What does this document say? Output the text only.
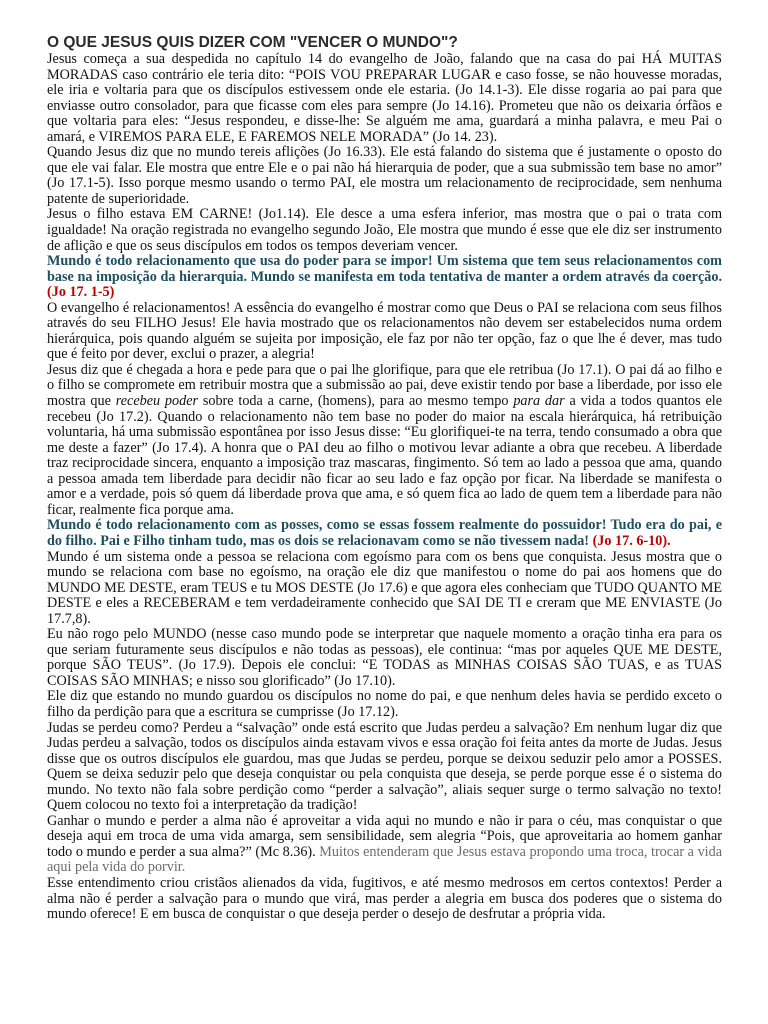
O QUE JESUS QUIS DIZER COM "VENCER O MUNDO"?

Jesus começa a sua despedida no capítulo 14 do evangelho de João, falando que na casa do pai HÁ MUITAS MORADAS caso contrário ele teria dito: “POIS VOU PREPARAR LUGAR e caso fosse, se não houvesse moradas, ele iria e voltaria para que os discípulos estivessem onde ele estaria. (Jo 14.1-3). Ele disse rogaria ao pai para que enviasse outro consolador, para que ficasse com eles para sempre (Jo 14.16). Prometeu que não os deixaria órfãos e que voltaria para eles: “Jesus respondeu, e disse-lhe: Se alguém me ama, guardará a minha palavra, e meu Pai o amará, e VIREMOS PARA ELE, E FAREMOS NELE MORADA” (Jo 14. 23).

Quando Jesus diz que no mundo tereis aflições (Jo 16.33). Ele está falando do sistema que é justamente o oposto do que ele vai falar. Ele mostra que entre Ele e o pai não há hierarquia de poder, que a sua submissão tem base no amor” (Jo 17.1-5). Isso porque mesmo usando o termo PAI, ele mostra um relacionamento de reciprocidade, sem nenhuma patente de superioridade.

Jesus o filho estava EM CARNE! (Jo1.14). Ele desce a uma esfera inferior, mas mostra que o pai o trata com igualdade! Na oração registrada no evangelho segundo João, Ele mostra que mundo é esse que ele diz ser instrumento de aflição e que os seus discípulos em todos os tempos deveriam vencer.

Mundo é todo relacionamento que usa do poder para se impor! Um sistema que tem seus relacionamentos com base na imposição da hierarquia. Mundo se manifesta em toda tentativa de manter a ordem através da coerção. (Jo 17. 1-5)

O evangelho é relacionamentos! A essência do evangelho é mostrar como que Deus o PAI se relaciona com seus filhos através do seu FILHO Jesus! Ele havia mostrado que os relacionamentos não devem ser estabelecidos numa ordem hierárquica, pois quando alguém se sujeita por imposição, ele faz por não ter opção, faz o que lhe é dever, mas tudo que é feito por dever, exclui o prazer, a alegria!

Jesus diz que é chegada a hora e pede para que o pai lhe glorifique, para que ele retribua (Jo 17.1). O pai dá ao filho e o filho se compromete em retribuir mostra que a submissão ao pai, deve existir tendo por base a liberdade, por isso ele mostra que recebeu poder sobre toda a carne, (homens), para ao mesmo tempo para dar a vida a todos quantos ele recebeu (Jo 17.2). Quando o relacionamento não tem base no poder do maior na escala hierárquica, há retribuição voluntaria, há uma submissão espontânea por isso Jesus disse: “Eu glorifiquei-te na terra, tendo consumado a obra que me deste a fazer” (Jo 17.4). A honra que o PAI deu ao filho o motivou levar adiante a obra que recebeu. A liberdade traz reciprocidade sincera, enquanto a imposição traz mascaras, fingimento. Só tem ao lado a pessoa que ama, quando a pessoa amada tem liberdade para decidir não ficar ao seu lado e faz opção por ficar. Na liberdade se manifesta o amor e a verdade, pois só quem dá liberdade prova que ama, e só quem fica ao lado de quem tem a liberdade para não ficar, realmente fica porque ama.

Mundo é todo relacionamento com as posses, como se essas fossem realmente do possuidor! Tudo era do pai, e do filho. Pai e Filho tinham tudo, mas os dois se relacionavam como se não tivessem nada! (Jo 17. 6-10).

Mundo é um sistema onde a pessoa se relaciona com egoísmo para com os bens que conquista. Jesus mostra que o mundo se relaciona com base no egoísmo, na oração ele diz que manifestou o nome do pai aos homens que do MUNDO ME DESTE, eram TEUS e tu MOS DESTE (Jo 17.6) e que agora eles conheciam que TUDO QUANTO ME DESTE e eles a RECEBERAM e tem verdadeiramente conhecido que SAI DE TI e creram que ME ENVIASTE (Jo 17.7,8).

Eu não rogo pelo MUNDO (nesse caso mundo pode se interpretar que naquele momento a oração tinha era para os que seriam futuramente seus discípulos e não todas as pessoas), ele continua: “mas por aqueles QUE ME DESTE, porque SÃO TEUS”. (Jo 17.9). Depois ele conclui: “E TODAS as MINHAS COISAS SÃO TUAS, e as TUAS COISAS SÃO MINHAS; e nisso sou glorificado” (Jo 17.10).

Ele diz que estando no mundo guardou os discípulos no nome do pai, e que nenhum deles havia se perdido exceto o filho da perdição para que a escritura se cumprisse (Jo 17.12).

Judas se perdeu como? Perdeu a “salvação” onde está escrito que Judas perdeu a salvação? Em nenhum lugar diz que Judas perdeu a salvação, todos os discípulos ainda estavam vivos e essa oração foi feita antes da morte de Judas. Jesus disse que os outros discípulos ele guardou, mas que Judas se perdeu, porque se deixou seduzir pelo amor a POSSES. Quem se deixa seduzir pelo que deseja conquistar ou pela conquista que deseja, se perde porque esse é o sistema do mundo. No texto não fala sobre perdição como “perder a salvação”, aliais sequer surge o termo salvação no texto! Quem colocou no texto foi a interpretação da tradição!

Ganhar o mundo e perder a alma não é aproveitar a vida aqui no mundo e não ir para o céu, mas conquistar o que deseja aqui em troca de uma vida amarga, sem sensibilidade, sem alegria “Pois, que aproveitaria ao homem ganhar todo o mundo e perder a sua alma?” (Mc 8.36). Muitos entenderam que Jesus estava propondo uma troca, trocar a vida aqui pela vida do porvir.

Esse entendimento criou cristãos alienados da vida, fugitivos, e até mesmo medrosos em certos contextos! Perder a alma não é perder a salvação para o mundo que virá, mas perder a alegria em busca dos poderes que o sistema do mundo oferece! E em busca de conquistar o que deseja perder o desejo de desfrutar a própria vida.
